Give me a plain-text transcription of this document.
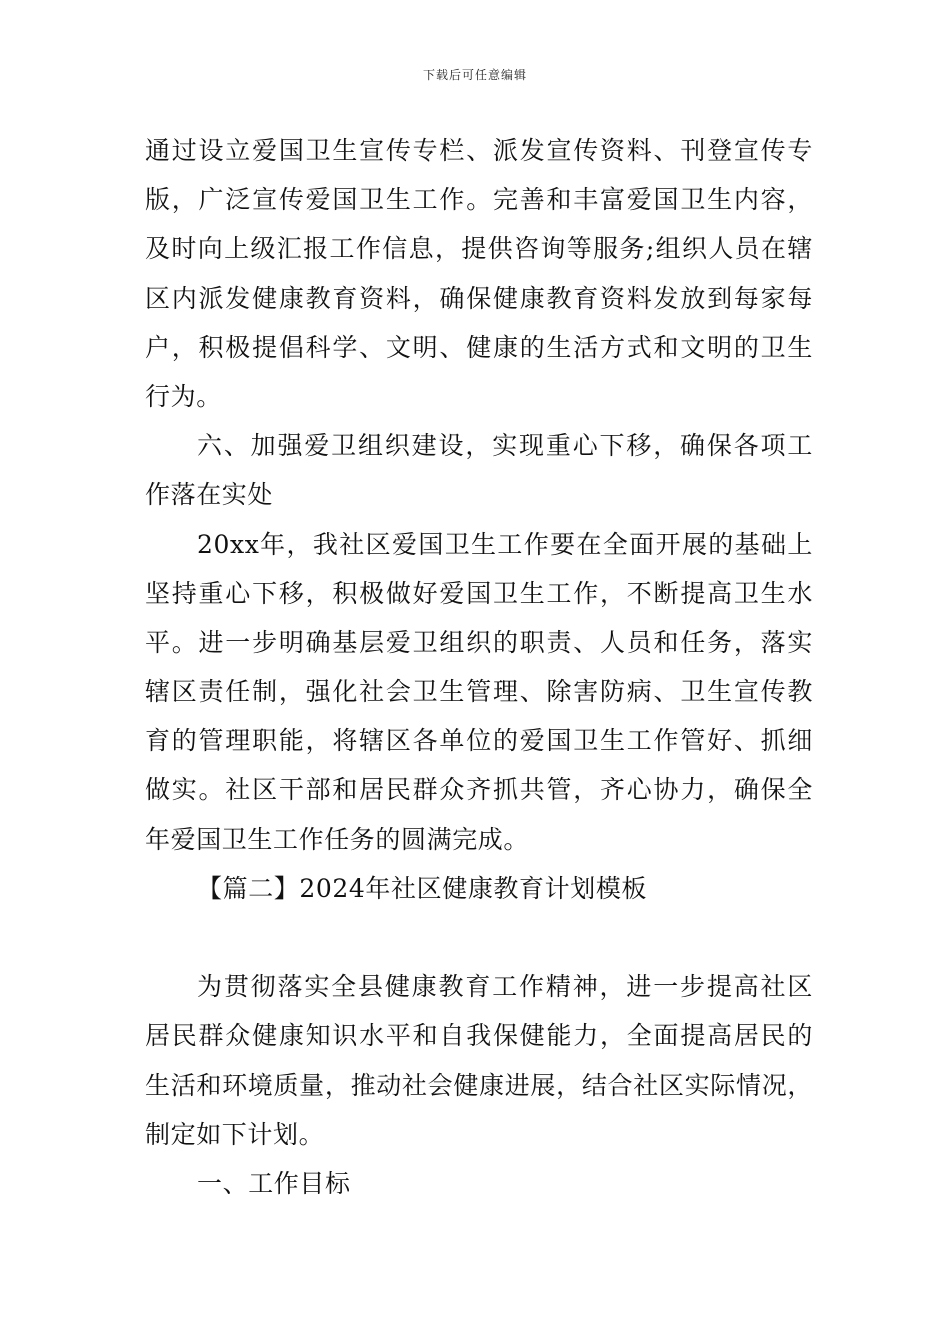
下载后可任意编辑
通过设立爱国卫生宣传专栏、派发宣传资料、刊登宣传专
版，广泛宣传爱国卫生工作。完善和丰富爱国卫生内容，
及时向上级汇报工作信息，提供咨询等服务;组织人员在辖
区内派发健康教育资料，确保健康教育资料发放到每家每
户，积极提倡科学、文明、健康的生活方式和文明的卫生
行为。
六、加强爱卫组织建设，实现重心下移，确保各项工
作落在实处
20xx年，我社区爱国卫生工作要在全面开展的基础上
坚持重心下移，积极做好爱国卫生工作，不断提高卫生水
平。进一步明确基层爱卫组织的职责、人员和任务，落实
辖区责任制，强化社会卫生管理、除害防病、卫生宣传教
育的管理职能，将辖区各单位的爱国卫生工作管好、抓细
做实。社区干部和居民群众齐抓共管，齐心协力，确保全
年爱国卫生工作任务的圆满完成。
【篇二】2024年社区健康教育计划模板
为贯彻落实全县健康教育工作精神，进一步提高社区
居民群众健康知识水平和自我保健能力，全面提高居民的
生活和环境质量，推动社会健康进展，结合社区实际情况，
制定如下计划。
一、工作目标
